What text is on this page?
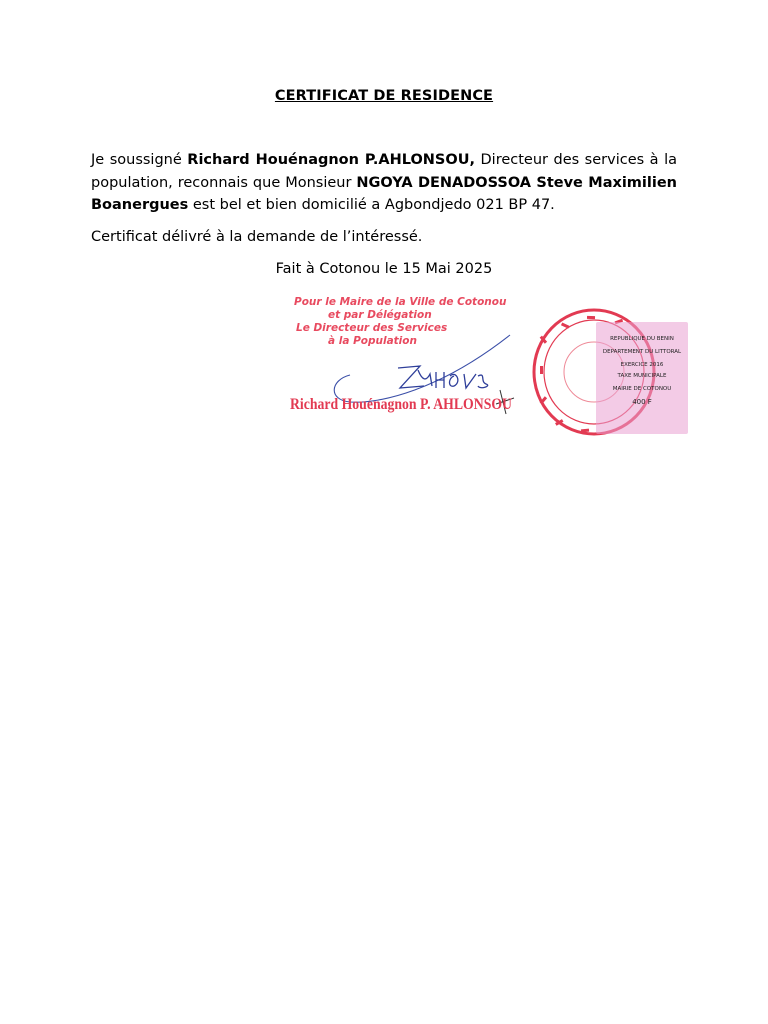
CERTIFICAT DE RESIDENCE
Je soussigné Richard Houénagnon P.AHLONSOU, Directeur des services à la population, reconnais que Monsieur NGOYA DENADOSSOA Steve Maximilien Boanergues est bel et bien domicilié a Agbondjedo 021 BP 47.
Certificat délivré à la demande de l’intéressé.
Fait à Cotonou le 15 Mai 2025
Pour le Maire de la Ville de Cotonou
et par Délégation
Le Directeur des Services
à la Population
Richard Houénagnon P. AHLONSOU
REPUBLIQUE DU BENIN
DEPARTEMENT DU LITTORAL
EXERCICE 2016
TAXE MUNICIPALE
MAIRIE DE COTONOU
400 F
